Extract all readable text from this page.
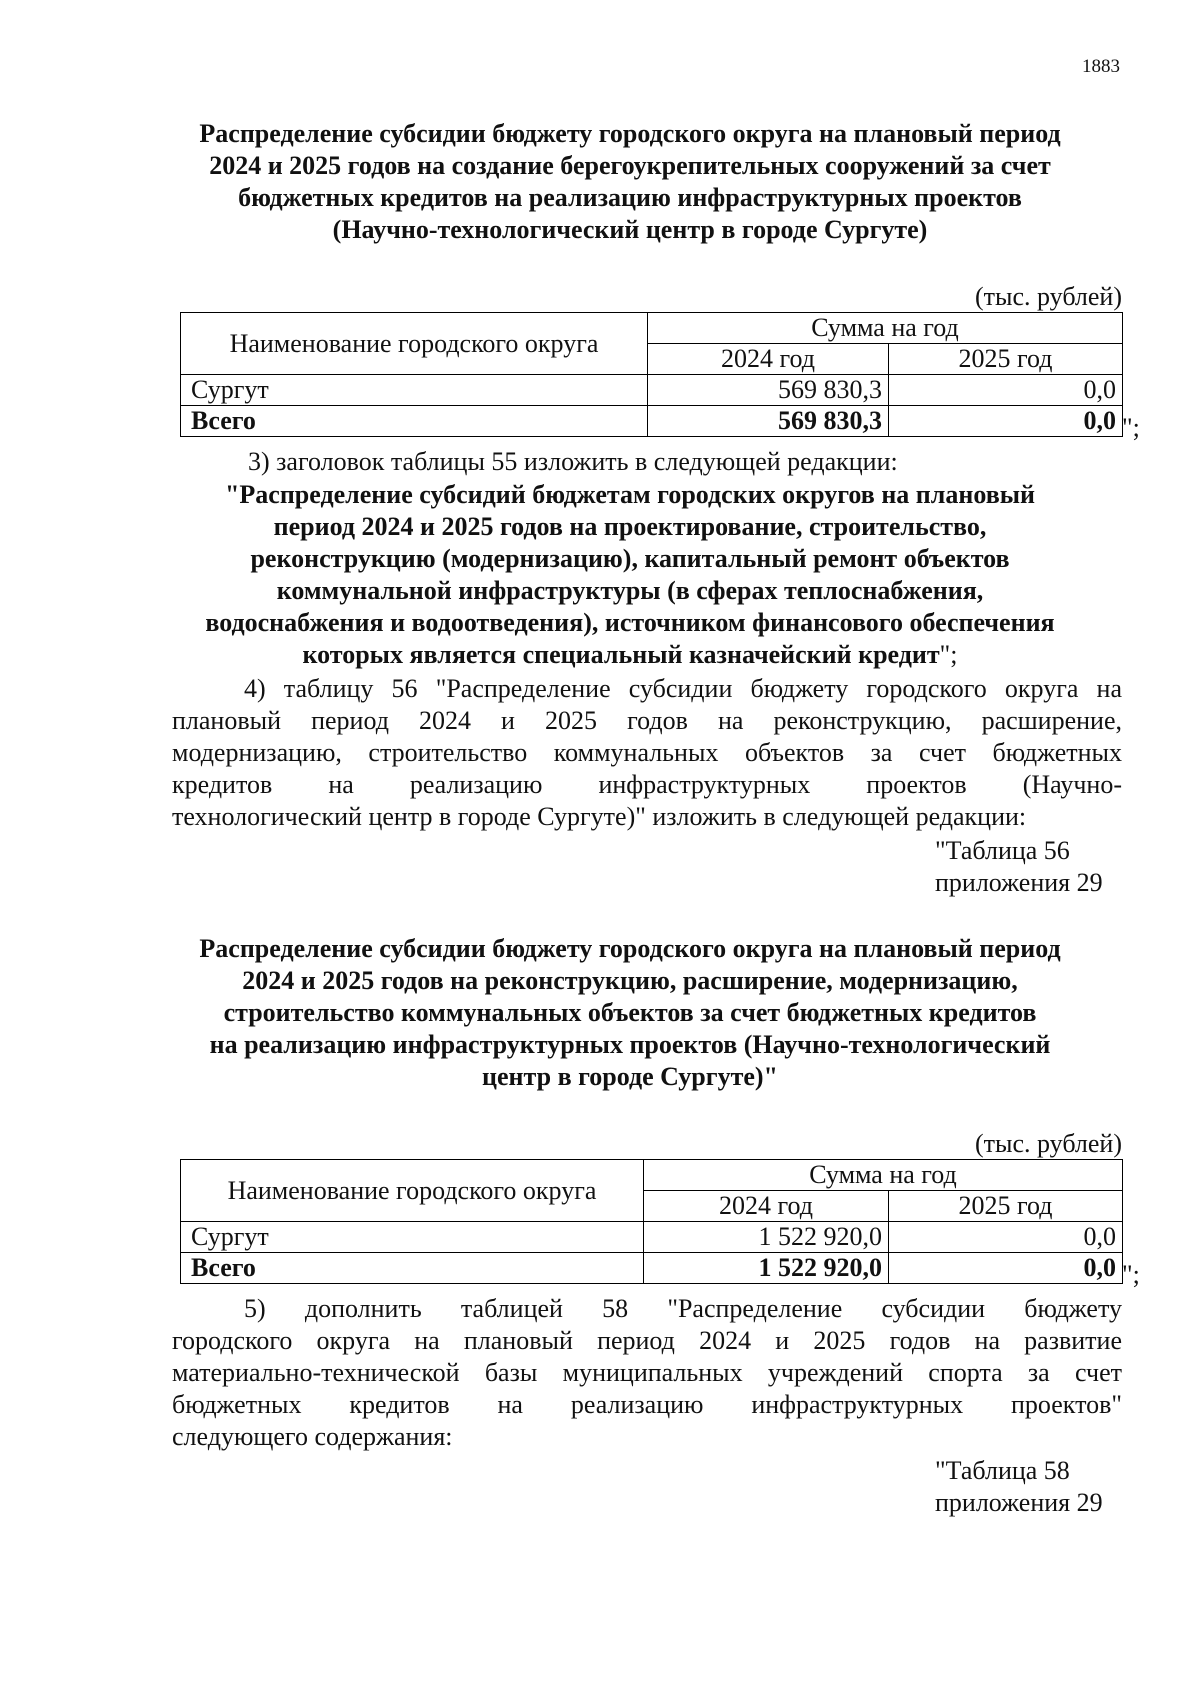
1883
Распределение субсидии бюджету городского округа на плановый период
2024 и 2025 годов на создание берегоукрепительных сооружений за счет
бюджетных кредитов на реализацию инфраструктурных проектов
(Научно-технологический центр в городе Сургуте)
(тыс. рублей)
Наименование городского округа	Сумма на год	
	2024 год	2025 год
Сургут	569 830,3	0,0
Всего	569 830,3	0,0 ";
3) заголовок таблицы 55 изложить в следующей редакции:
"Распределение субсидий бюджетам городских округов на плановый
период 2024 и 2025 годов на проектирование, строительство,
реконструкцию (модернизацию), капитальный ремонт объектов
коммунальной инфраструктуры (в сферах теплоснабжения,
водоснабжения и водоотведения), источником финансового обеспечения
которых является специальный казначейский кредит";
4) таблицу 56 "Распределение субсидии бюджету городского округа на
плановый период 2024 и 2025 годов на реконструкцию, расширение,
модернизацию, строительство коммунальных объектов за счет бюджетных
кредитов на реализацию инфраструктурных проектов (Научно-
технологический центр в городе Сургуте)" изложить в следующей редакции:
"Таблица 56
приложения 29
Распределение субсидии бюджету городского округа на плановый период
2024 и 2025 годов на реконструкцию, расширение, модернизацию,
строительство коммунальных объектов за счет бюджетных кредитов
на реализацию инфраструктурных проектов (Научно-технологический
центр в городе Сургуте)"
(тыс. рублей)
Наименование городского округа	Сумма на год	
	2024 год	2025 год
Сургут	1 522 920,0	0,0
Всего	1 522 920,0	0,0 ";
5) дополнить таблицей 58 "Распределение субсидии бюджету
городского округа на плановый период 2024 и 2025 годов на развитие
материально-технической базы муниципальных учреждений спорта за счет
бюджетных кредитов на реализацию инфраструктурных проектов"
следующего содержания:
"Таблица 58
приложения 29
